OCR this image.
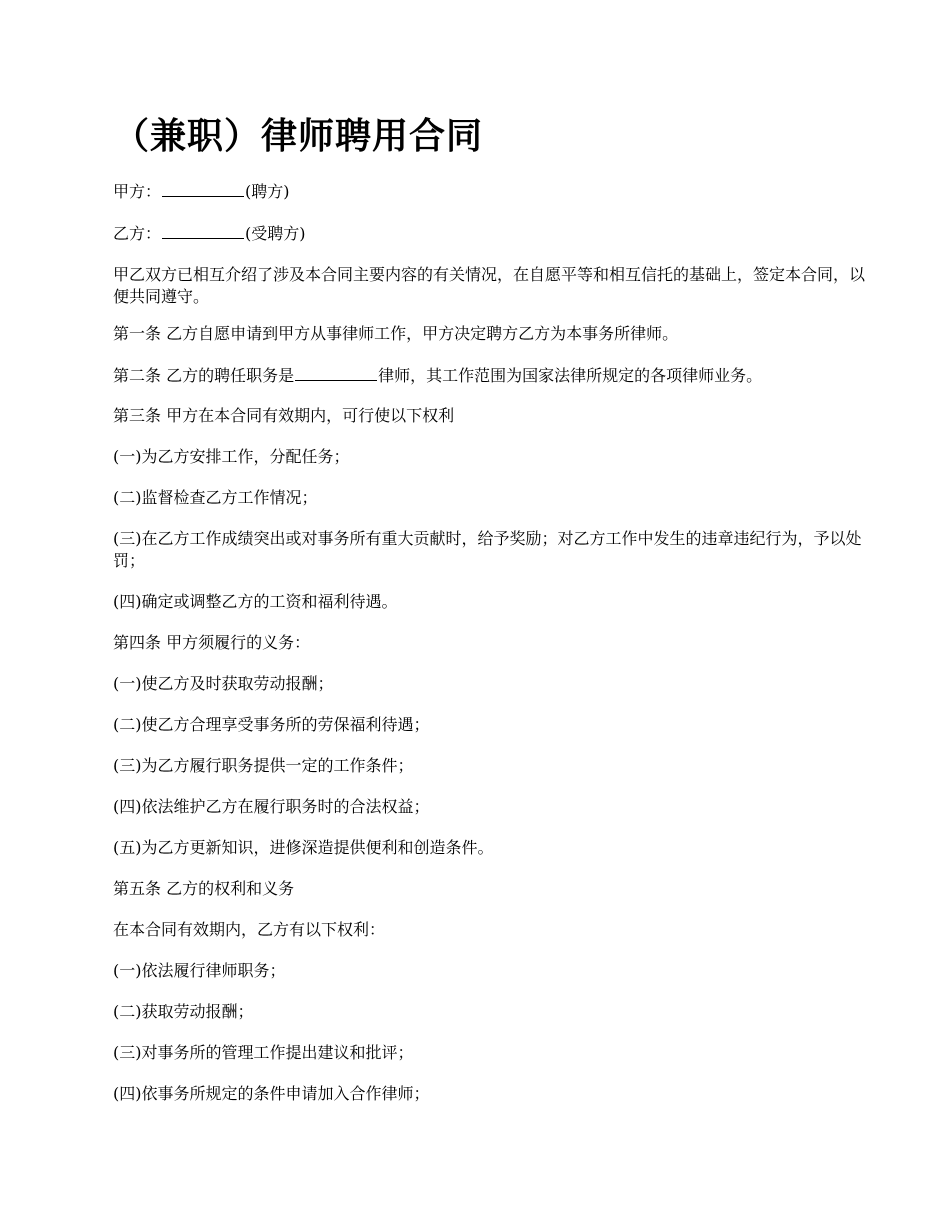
（兼职）律师聘用合同

甲方：	(聘方)

乙方：	(受聘方)

甲乙双方已相互介绍了涉及本合同主要内容的有关情况，在自愿平等和相互信托的基础上，签定本合同，以便共同遵守。

第一条 乙方自愿申请到甲方从事律师工作，甲方决定聘方乙方为本事务所律师。

第二条 乙方的聘任职务是	律师，其工作范围为国家法律所规定的各项律师业务。

第三条 甲方在本合同有效期内，可行使以下权利

(一)为乙方安排工作，分配任务；

(二)监督检查乙方工作情况；

(三)在乙方工作成绩突出或对事务所有重大贡献时，给予奖励；对乙方工作中发生的违章违纪行为，予以处罚；

(四)确定或调整乙方的工资和福利待遇。

第四条 甲方须履行的义务：

(一)使乙方及时获取劳动报酬；

(二)使乙方合理享受事务所的劳保福利待遇；

(三)为乙方履行职务提供一定的工作条件；

(四)依法维护乙方在履行职务时的合法权益；

(五)为乙方更新知识，进修深造提供便利和创造条件。

第五条 乙方的权利和义务

在本合同有效期内，乙方有以下权利：

(一)依法履行律师职务；

(二)获取劳动报酬；

(三)对事务所的管理工作提出建议和批评；

(四)依事务所规定的条件申请加入合作律师；
